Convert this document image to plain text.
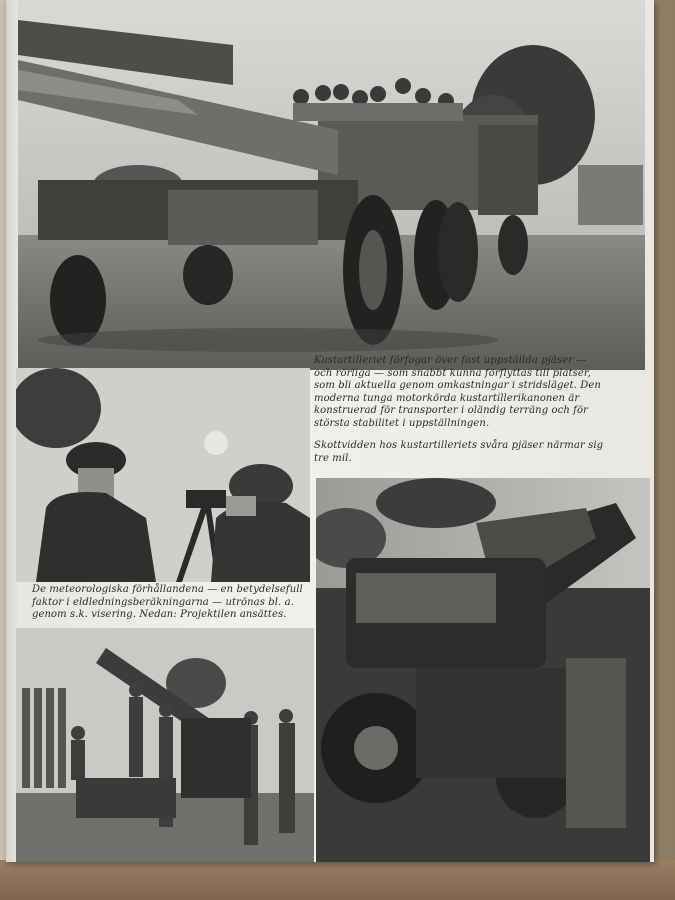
Kustartilleriet förfogar över fast uppställda pjäser — och rörliga — som snabbt kunna förflyttas till platser, som bli aktuella genom omkastningar i stridsläget. Den moderna tunga motorkörda kustartillerikanonen är konstruerad för transporter i oländig terräng och för största stabilitet i uppställningen.

Skottvidden hos kustartilleriets svåra pjäser närmar sig tre mil.

De meteorologiska förhållandena — en betydelsefull faktor i eldledningsberäkningarna — utrönas bl. a. genom s.k. visering. Nedan: Projektilen ansättes.
